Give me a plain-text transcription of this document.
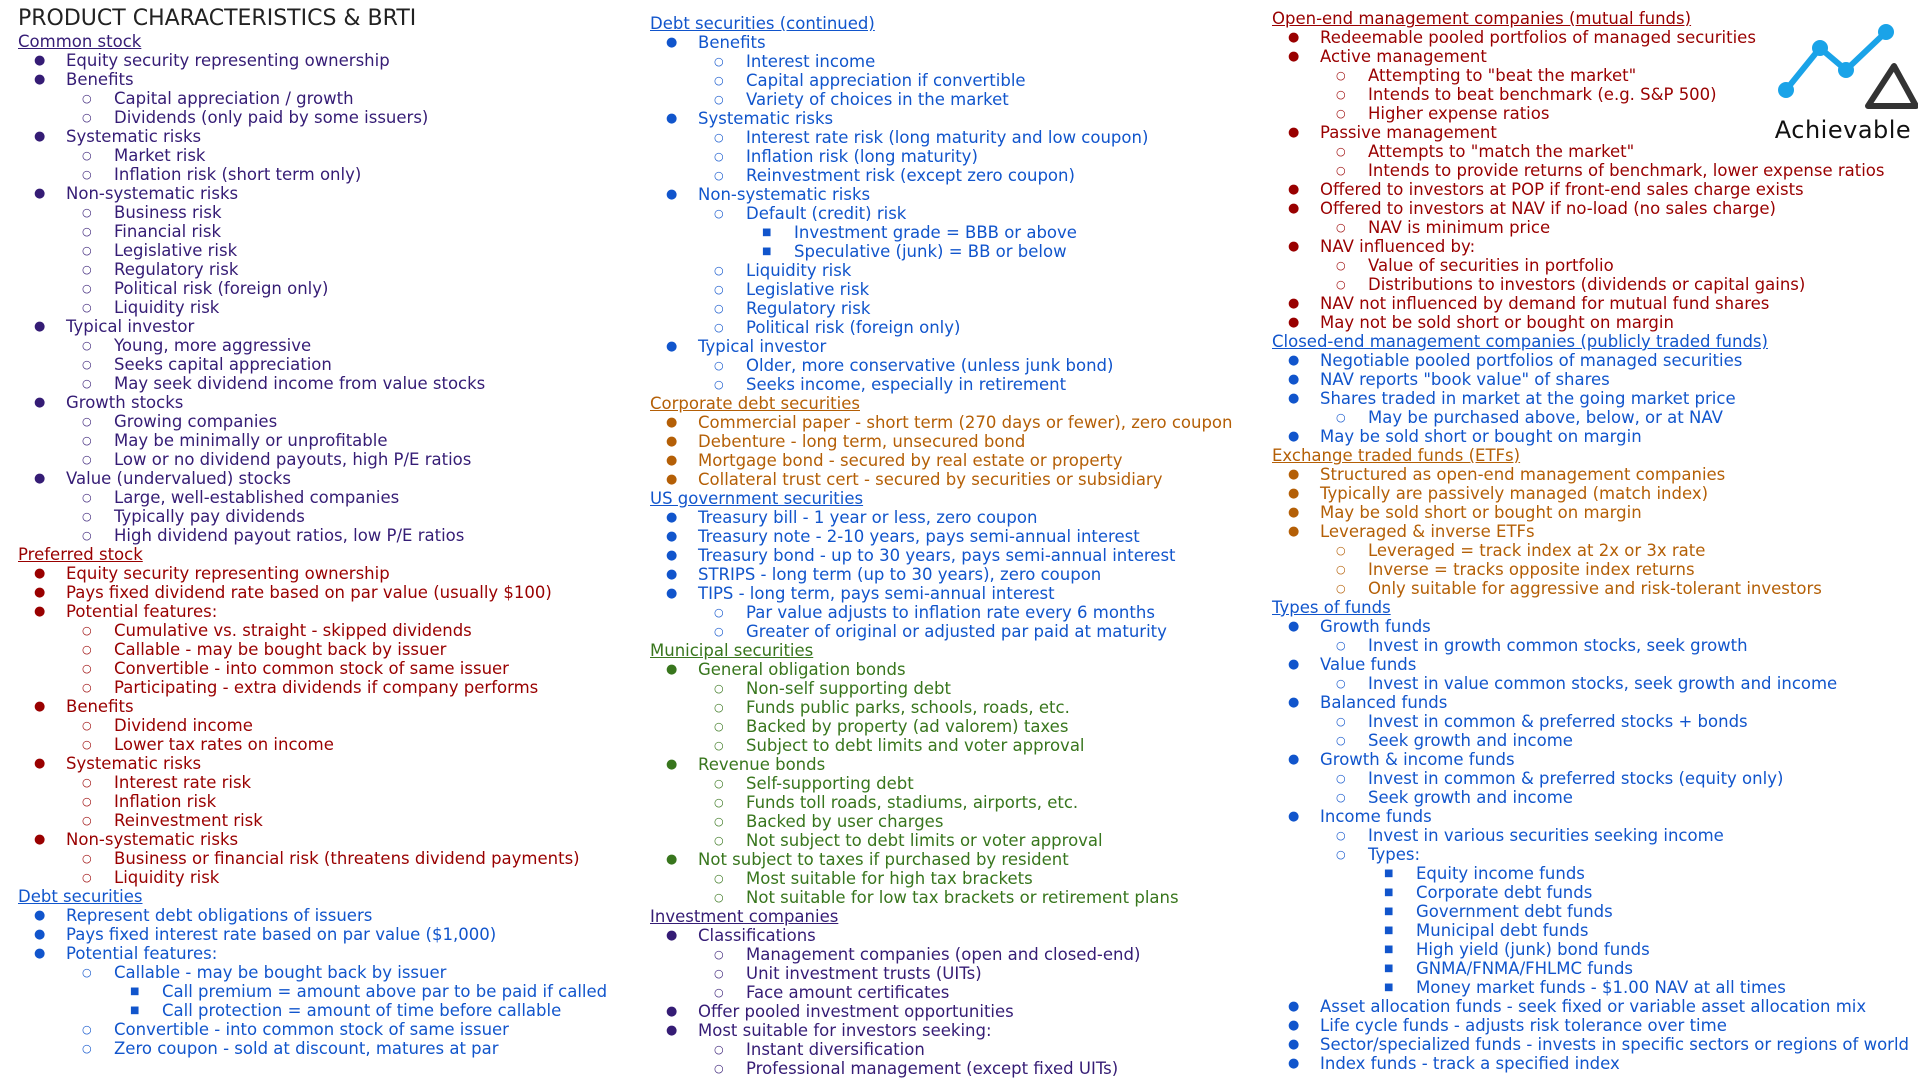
PRODUCT CHARACTERISTICS & BRTI
Common stock
● Equity security representing ownership
● Benefits
○ Capital appreciation / growth
○ Dividends (only paid by some issuers)
● Systematic risks
○ Market risk
○ Inflation risk (short term only)
● Non-systematic risks
○ Business risk
○ Financial risk
○ Legislative risk
○ Regulatory risk
○ Political risk (foreign only)
○ Liquidity risk
● Typical investor
○ Young, more aggressive
○ Seeks capital appreciation
○ May seek dividend income from value stocks
● Growth stocks
○ Growing companies
○ May be minimally or unprofitable
○ Low or no dividend payouts, high P/E ratios
● Value (undervalued) stocks
○ Large, well-established companies
○ Typically pay dividends
○ High dividend payout ratios, low P/E ratios
Preferred stock
● Equity security representing ownership
● Pays fixed dividend rate based on par value (usually $100)
● Potential features:
○ Cumulative vs. straight - skipped dividends
○ Callable - may be bought back by issuer
○ Convertible - into common stock of same issuer
○ Participating - extra dividends if company performs
● Benefits
○ Dividend income
○ Lower tax rates on income
● Systematic risks
○ Interest rate risk
○ Inflation risk
○ Reinvestment risk
● Non-systematic risks
○ Business or financial risk (threatens dividend payments)
○ Liquidity risk
Debt securities
● Represent debt obligations of issuers
● Pays fixed interest rate based on par value ($1,000)
● Potential features:
○ Callable - may be bought back by issuer
■ Call premium = amount above par to be paid if called
■ Call protection = amount of time before callable
○ Convertible - into common stock of same issuer
○ Zero coupon - sold at discount, matures at par
Debt securities (continued)
● Benefits
○ Interest income
○ Capital appreciation if convertible
○ Variety of choices in the market
● Systematic risks
○ Interest rate risk (long maturity and low coupon)
○ Inflation risk (long maturity)
○ Reinvestment risk (except zero coupon)
● Non-systematic risks
○ Default (credit) risk
■ Investment grade = BBB or above
■ Speculative (junk) = BB or below
○ Liquidity risk
○ Legislative risk
○ Regulatory risk
○ Political risk (foreign only)
● Typical investor
○ Older, more conservative (unless junk bond)
○ Seeks income, especially in retirement
Corporate debt securities
● Commercial paper - short term (270 days or fewer), zero coupon
● Debenture - long term, unsecured bond
● Mortgage bond - secured by real estate or property
● Collateral trust cert - secured by securities or subsidiary
US government securities
● Treasury bill - 1 year or less, zero coupon
● Treasury note - 2-10 years, pays semi-annual interest
● Treasury bond - up to 30 years, pays semi-annual interest
● STRIPS - long term (up to 30 years), zero coupon
● TIPS - long term, pays semi-annual interest
○ Par value adjusts to inflation rate every 6 months
○ Greater of original or adjusted par paid at maturity
Municipal securities
● General obligation bonds
○ Non-self supporting debt
○ Funds public parks, schools, roads, etc.
○ Backed by property (ad valorem) taxes
○ Subject to debt limits and voter approval
● Revenue bonds
○ Self-supporting debt
○ Funds toll roads, stadiums, airports, etc.
○ Backed by user charges
○ Not subject to debt limits or voter approval
● Not subject to taxes if purchased by resident
○ Most suitable for high tax brackets
○ Not suitable for low tax brackets or retirement plans
Investment companies
● Classifications
○ Management companies (open and closed-end)
○ Unit investment trusts (UITs)
○ Face amount certificates
● Offer pooled investment opportunities
● Most suitable for investors seeking:
○ Instant diversification
○ Professional management (except fixed UITs)
Open-end management companies (mutual funds)
● Redeemable pooled portfolios of managed securities
● Active management
○ Attempting to "beat the market"
○ Intends to beat benchmark (e.g. S&P 500)
○ Higher expense ratios
● Passive management
○ Attempts to "match the market"
○ Intends to provide returns of benchmark, lower expense ratios
● Offered to investors at POP if front-end sales charge exists
● Offered to investors at NAV if no-load (no sales charge)
○ NAV is minimum price
● NAV influenced by:
○ Value of securities in portfolio
○ Distributions to investors (dividends or capital gains)
● NAV not influenced by demand for mutual fund shares
● May not be sold short or bought on margin
Closed-end management companies (publicly traded funds)
● Negotiable pooled portfolios of managed securities
● NAV reports "book value" of shares
● Shares traded in market at the going market price
○ May be purchased above, below, or at NAV
● May be sold short or bought on margin
Exchange traded funds (ETFs)
● Structured as open-end management companies
● Typically are passively managed (match index)
● May be sold short or bought on margin
● Leveraged & inverse ETFs
○ Leveraged = track index at 2x or 3x rate
○ Inverse = tracks opposite index returns
○ Only suitable for aggressive and risk-tolerant investors
Types of funds
● Growth funds
○ Invest in growth common stocks, seek growth
● Value funds
○ Invest in value common stocks, seek growth and income
● Balanced funds
○ Invest in common & preferred stocks + bonds
○ Seek growth and income
● Growth & income funds
○ Invest in common & preferred stocks (equity only)
○ Seek growth and income
● Income funds
○ Invest in various securities seeking income
○ Types:
■ Equity income funds
■ Corporate debt funds
■ Government debt funds
■ Municipal debt funds
■ High yield (junk) bond funds
■ GNMA/FNMA/FHLMC funds
■ Money market funds - $1.00 NAV at all times
● Asset allocation funds - seek fixed or variable asset allocation mix
● Life cycle funds - adjusts risk tolerance over time
● Sector/specialized funds - invests in specific sectors or regions of world
● Index funds - track a specified index
Achievable
